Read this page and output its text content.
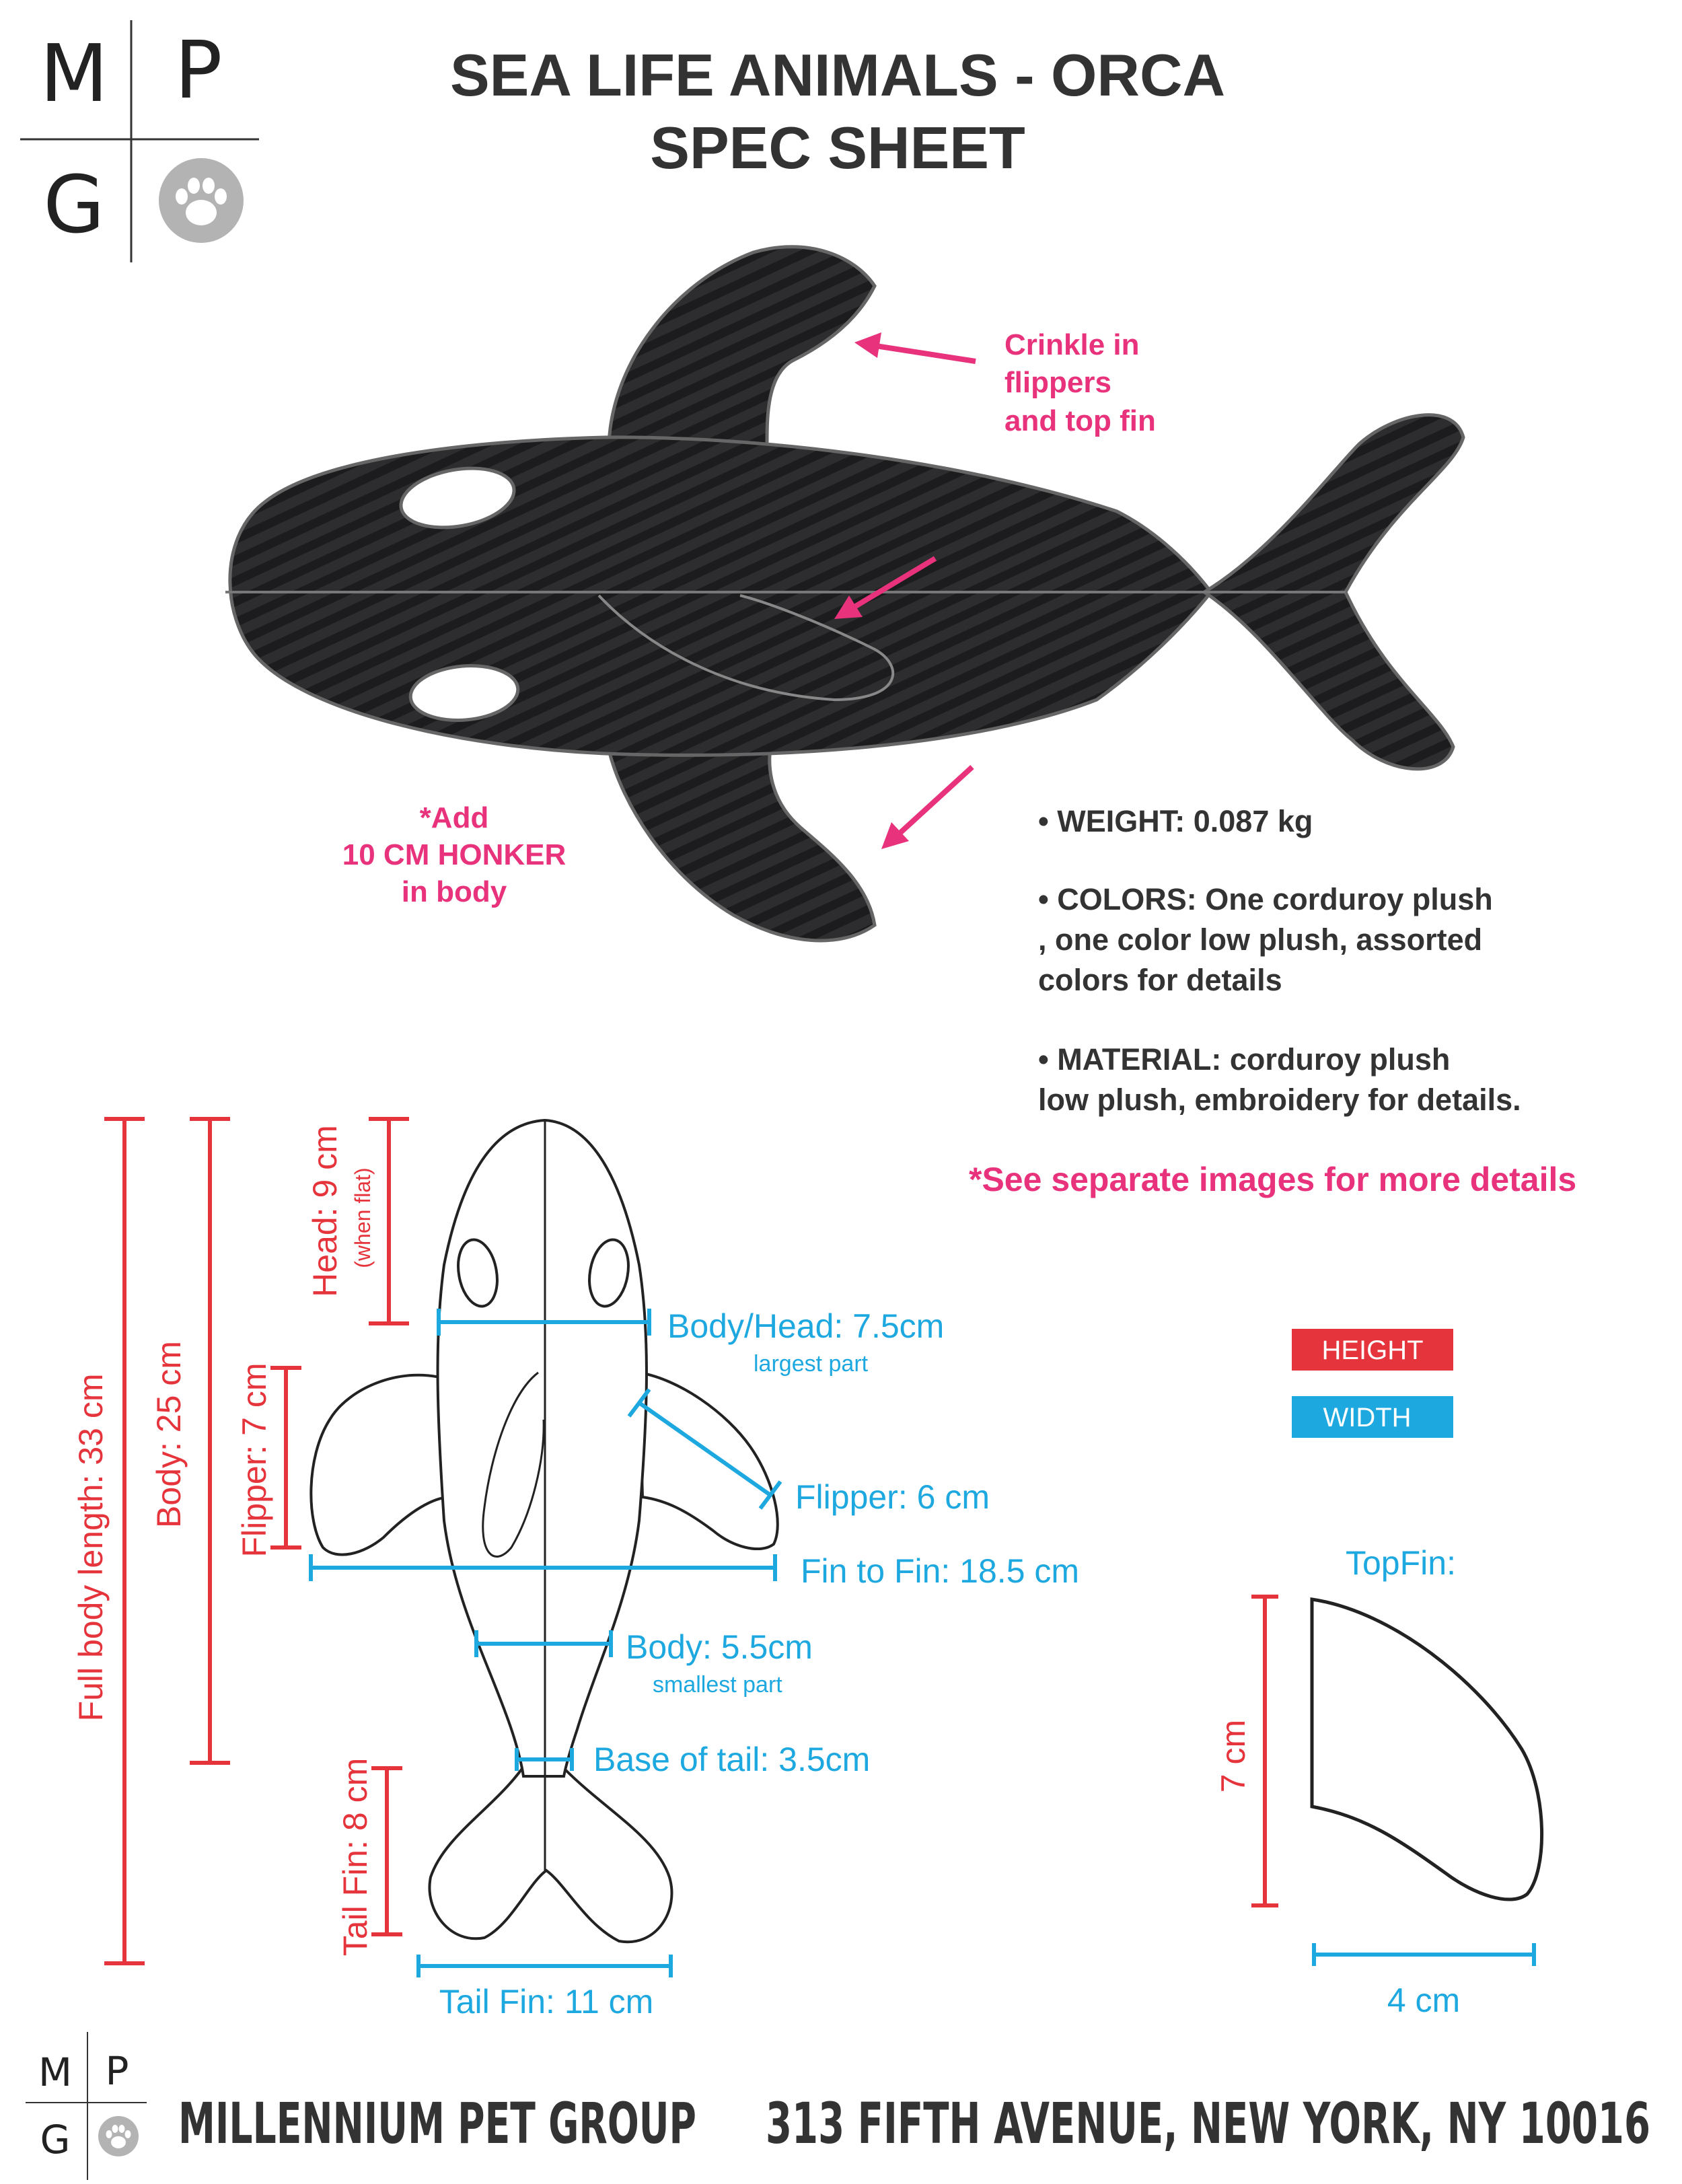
M P
G
SEA LIFE ANIMALS - ORCA
SPEC SHEET
Crinkle in
flippers
and top fin
*Add
10 CM HONKER
in body
*See separate images for more details
• WEIGHT: 0.087 kg
• COLORS: One corduroy plush
, one color low plush, assorted
colors for details
• MATERIAL: corduroy plush
low plush, embroidery for details.
HEIGHT
WIDTH
Full body length: 33 cm Body: 25 cm
Head: 9 cm (when flat)
Flipper: 7 cm
Tail Fin: 8 cm
7 cm
Body/Head: 7.5cm
largest part
Flipper: 6 cm
Fin to Fin: 18.5 cm
Body: 5.5cm
smallest part
Base of tail: 3.5cm
Tail Fin: 11 cm
TopFin:
4 cm
M P
G MILLENNIUM PET GROUP 313 FIFTH AVENUE, NEW YORK, NY 10016
